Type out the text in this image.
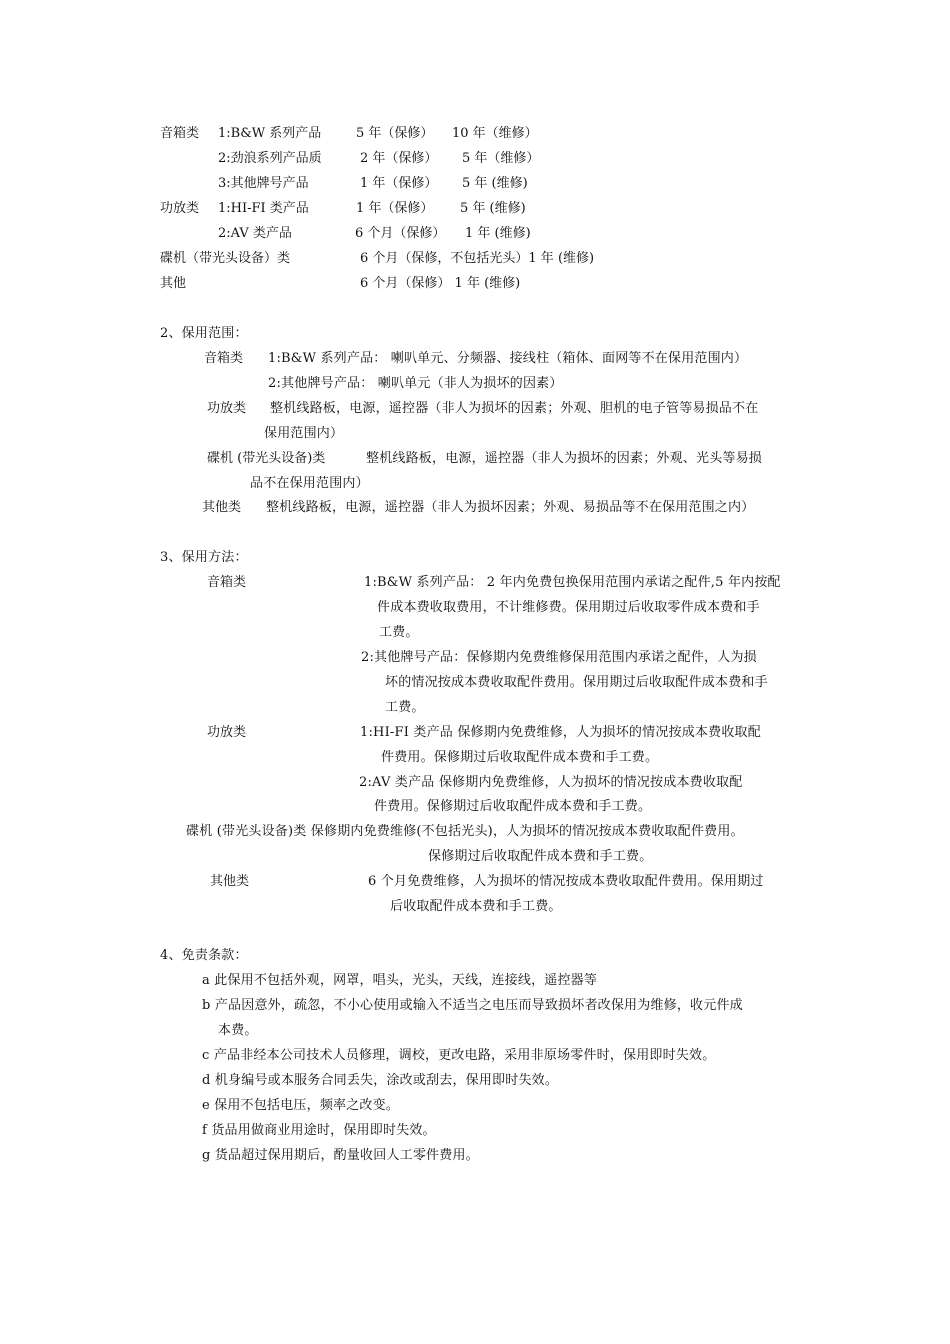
音箱类 1:B&W 系列产品	5 年（保修） 10 年（维修）
2:劲浪系列产品质	2 年（保修） 5 年（维修）
3:其他牌号产品	1 年（保修） 5 年 (维修)
功放类 1:HI-FI 类产品	1 年（保修） 5 年 (维修)
2:AV 类产品	6 个月（保修） 1 年 (维修)
碟机（带光头设备）类	6 个月（保修，不包括光头）1 年 (维修)
其他	6 个月（保修） 1 年 (维修)
2、保用范围：
音箱类 1:B&W 系列产品： 喇叭单元、分频器、接线柱（箱体、面网等不在保用范围内）
2:其他牌号产品： 喇叭单元（非人为损坏的因素）
功放类 整机线路板，电源，遥控器（非人为损坏的因素；外观、胆机的电子管等易损品不在
保用范围内）
碟机 (带光头设备)类	整机线路板，电源，遥控器（非人为损坏的因素；外观、光头等易损
品不在保用范围内）
其他类 整机线路板，电源，遥控器（非人为损坏因素；外观、易损品等不在保用范围之内）
3、保用方法：
音箱类	1:B&W 系列产品： 2 年内免费包换保用范围内承诺之配件,5 年内按配
件成本费收取费用，不计维修费。保用期过后收取零件成本费和手
工费。
2:其他牌号产品：保修期内免费维修保用范围内承诺之配件，人为损
坏的情况按成本费收取配件费用。保用期过后收取配件成本费和手
工费。
功放类	1:HI-FI 类产品 保修期内免费维修，人为损坏的情况按成本费收取配
件费用。保修期过后收取配件成本费和手工费。
2:AV 类产品 保修期内免费维修，人为损坏的情况按成本费收取配
件费用。保修期过后收取配件成本费和手工费。
碟机 (带光头设备)类 保修期内免费维修(不包括光头)，人为损坏的情况按成本费收取配件费用。
保修期过后收取配件成本费和手工费。
其他类	6 个月免费维修，人为损坏的情况按成本费收取配件费用。保用期过
后收取配件成本费和手工费。
4、免责条款：
a 此保用不包括外观，网罩，唱头，光头，天线，连接线，遥控器等
b 产品因意外，疏忽，不小心使用或输入不适当之电压而导致损坏者改保用为维修，收元件成
本费。
c 产品非经本公司技术人员修理，调校，更改电路，采用非原场零件时，保用即时失效。
d 机身编号或本服务合同丢失，涂改或刮去，保用即时失效。
e 保用不包括电压，频率之改变。
f 货品用做商业用途时，保用即时失效。
g 货品超过保用期后，酌量收回人工零件费用。
